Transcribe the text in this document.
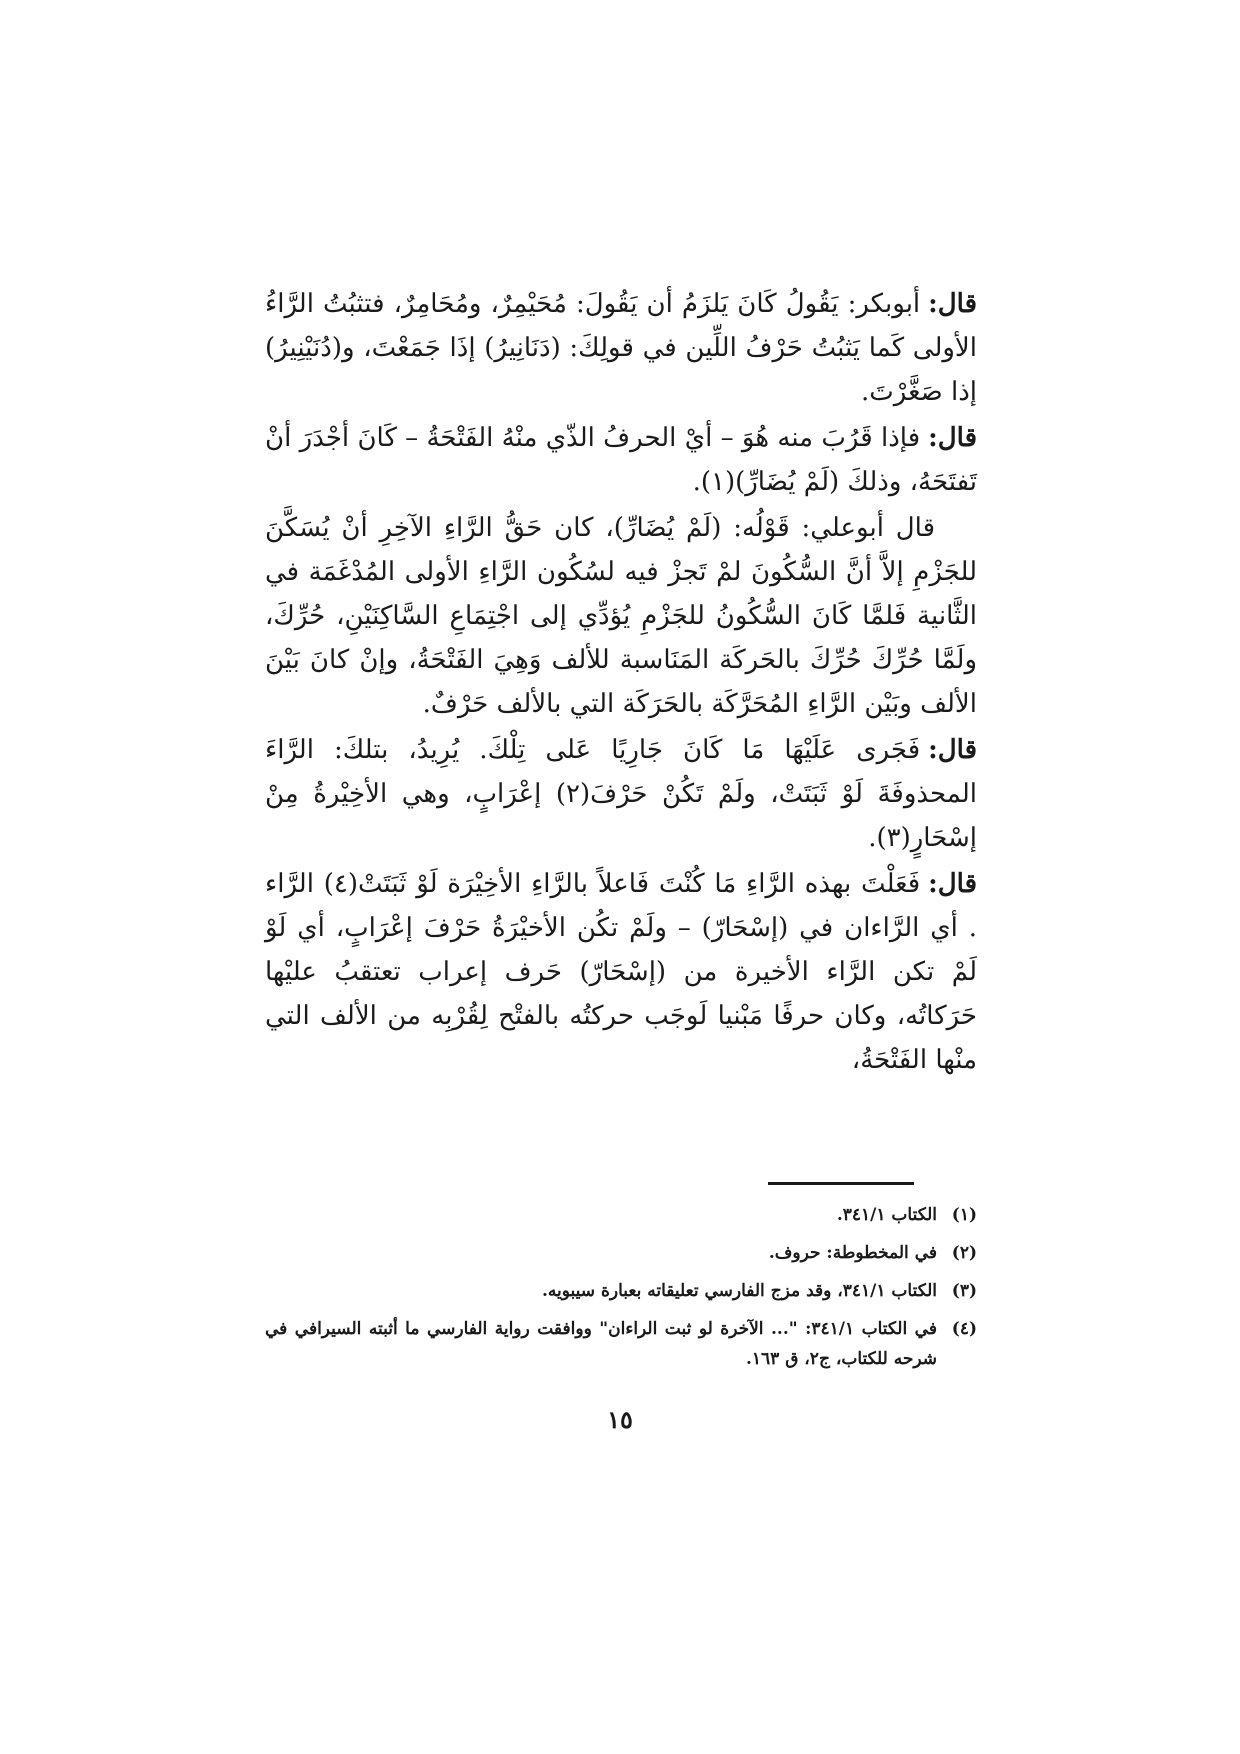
قال:أبوبكر: يَقُولُ كَانَ يَلزَمُ أن يَقُولَ: مُحَيْمِرٌ، ومُحَامِرٌ، فتثبُتُ الرَّاءُ الأولى كَما يَثبُتُ حَرْفُ اللِّين في قولِكَ: (دَنَانِيرُ) إذَا جَمَعْتَ، و(دُنَيْنِيرُ) إذا صَغَّرْتَ.

قال:فإذا قَرُبَ منه هُوَ – أيْ الحرفُ الذّي منْهُ الفَتْحَةُ – كَانَ أجْدَرَ أنْ تَفتَحَهُ، وذلكَ (لَمْ يُضَارِّ)(١).

قال أبوعلي: قَوْلُه: (لَمْ يُضَارِّ)، كان حَقُّ الرَّاءِ الآخِرِ أنْ يُسَكَّنَ للجَزْمِ إلاَّ أنَّ السُّكُونَ لمْ تَجزْ فيه لسُكُون الرَّاءِ الأولى المُدْغَمَة في الثَّانية فَلمَّا كَانَ السُّكُونُ للجَزْمِ يُؤدِّي إلى اجْتِمَاعِ السَّاكِنَيْنِ، حُرِّكَ، ولَمَّا حُرِّكَ حُرِّكَ بالحَركَة المَنَاسبة للألف وَهِيَ الفَتْحَةُ، وإنْ كانَ بَيْنَ الألف وبَيْن الرَّاءِ المُحَرَّكَة بالحَرَكَة التي بالألف حَرْفٌ.

قال:فَجَرى عَلَيْهَا مَا كَانَ جَارِيًا عَلى تِلْكَ. يُرِيدُ، بتلكَ: الرَّاءَ المحذوفَةَ لَوْ ثَبَتَتْ، ولَمْ تَكُنْ حَرْفَ(٢) إعْرَابٍ، وهي الأخِيْرةُ مِنْ إسْحَارٍ(٣).

قال:فَعَلْتَ بهذه الرَّاءِ مَا كُنْتَ فَاعلاً بالرَّاءِ الأخِيْرَة لَوْ ثَبَتَتْ(٤) الرَّاء . أي الرَّاءان في (إسْحَارّ) – ولَمْ تكُن الأخيْرَةُ حَرْفَ إعْرَابٍ، أي لَوْ لَمْ تكن الرَّاء الأخيرة من (إسْحَارّ) حَرف إعراب تعتقبُ عليْها حَرَكاتُه، وكان حرفًا مَبْنيا لَوجَب حركتُه بالفتْح لِقُرْبِه من الألف التي منْها الفَتْحَةُ،

(١)
الكتاب ٣٤١/١.
(٢)
في المخطوطة: حروف.
(٣)
الكتاب ٣٤١/١، وقد مزج الفارسي تعليقاته بعبارة سيبويه.
(٤)
في الكتاب ٣٤١/١: "... الآخرة لو ثبت الراءان" ووافقت رواية الفارسي ما أثبته السيرافي في شرحه للكتاب، ج٢، ق ١٦٣.
١٥
